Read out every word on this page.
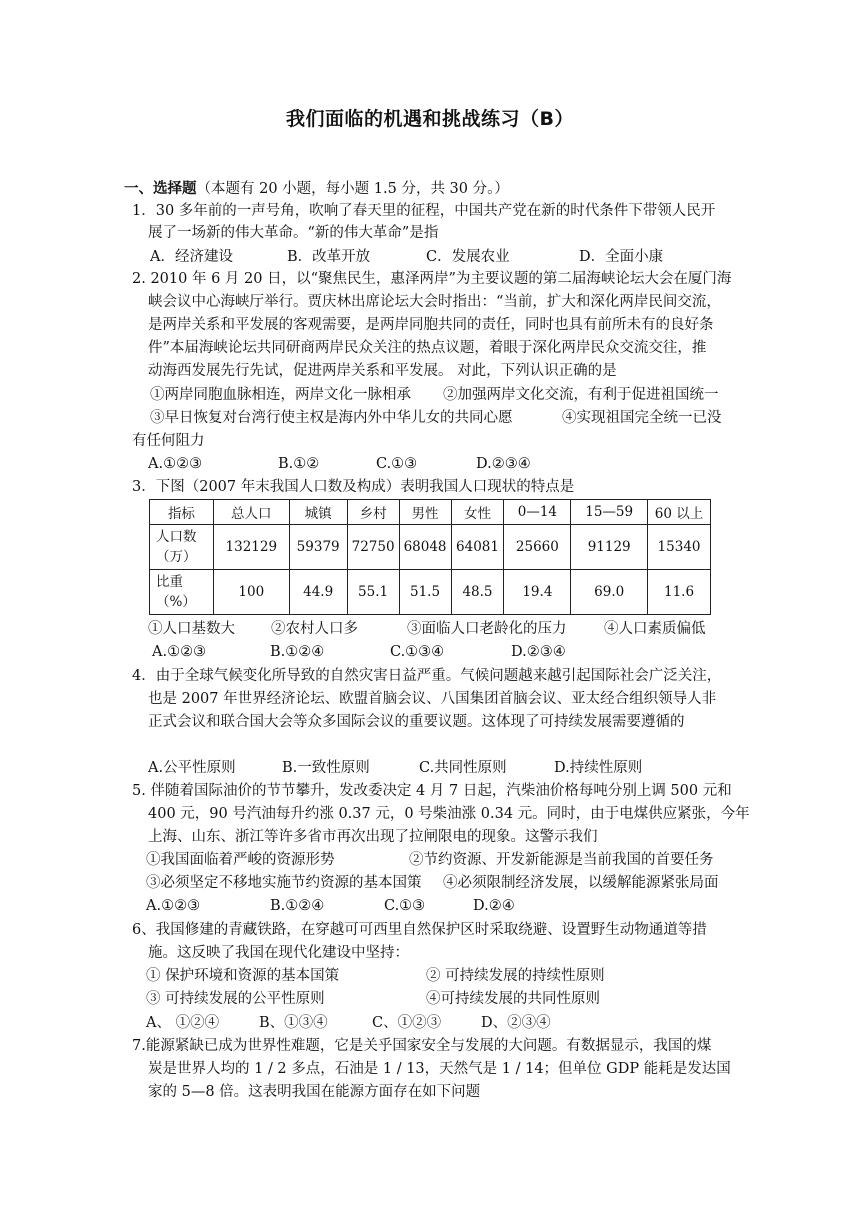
我们面临的机遇和挑战练习（B）
一、选择题（本题有 20 小题，每小题 1.5 分，共 30 分。）
1．30 多年前的一声号角，吹响了春天里的征程，中国共产党在新的时代条件下带领人民开
展了一场新的伟大革命。“新的伟大革命”是指
A．经济建设	B．改革开放	C．发展农业	D．全面小康
2. 2010 年 6 月 20 日，以“聚焦民生，惠泽两岸”为主要议题的第二届海峡论坛大会在厦门海
峡会议中心海峡厅举行。贾庆林出席论坛大会时指出：“当前，扩大和深化两岸民间交流，
是两岸关系和平发展的客观需要，是两岸同胞共同的责任，同时也具有前所未有的良好条
件”本届海峡论坛共同研商两岸民众关注的热点议题，着眼于深化两岸民众交流交往，推
动海西发展先行先试，促进两岸关系和平发展。 对此，下列认识正确的是
①两岸同胞血脉相连，两岸文化一脉相承 ②加强两岸文化交流，有利于促进祖国统一
③早日恢复对台湾行使主权是海内外中华儿女的共同心愿	④实现祖国完全统一已没
有任何阻力
A.①②③	B.①②	C.①③	D.②③④
3．下图（2007 年末我国人口数及构成）表明我国人口现状的特点是
指标	总人口	城镇	乡村	男性	女性	0—14	15—59	60 以上
人口数
（万）	132129	59379	72750	68048	64081	25660	91129	15340
比重
（%）	100	44.9	55.1	51.5	48.5	19.4	69.0	11.6
①人口基数大 ②农村人口多	③面临人口老龄化的压力	④人口素质偏低
A.①②③	B.①②④	C.①③④	D.②③④
4．由于全球气候变化所导致的自然灾害日益严重。气候问题越来越引起国际社会广泛关注，
也是 2007 年世界经济论坛、欧盟首脑会议、八国集团首脑会议、亚太经合组织领导人非
正式会议和联合国大会等众多国际会议的重要议题。这体现了可持续发展需要遵循的
A.公平性原则	B.一致性原则	C.共同性原则	D.持续性原则
5. 伴随着国际油价的节节攀升，发改委决定 4 月 7 日起，汽柴油价格每吨分别上调 500 元和
400 元，90 号汽油每升约涨 0.37 元，0 号柴油涨 0.34 元。同时，由于电煤供应紧张，今年
上海、山东、浙江等许多省市再次出现了拉闸限电的现象。这警示我们
①我国面临着严峻的资源形势	②节约资源、开发新能源是当前我国的首要任务
③必须坚定不移地实施节约资源的基本国策 ④必须限制经济发展，以缓解能源紧张局面
A.①②③	B.①②④	C.①③	D.②④
6、我国修建的青藏铁路，在穿越可可西里自然保护区时采取绕避、设置野生动物通道等措
施。这反映了我国在现代化建设中坚持：
① 保护环境和资源的基本国策	② 可持续发展的持续性原则
③ 可持续发展的公平性原则	④可持续发展的共同性原则
A、 ①②④	B、①③④	C、①②③	D、②③④
7.能源紧缺已成为世界性难题，它是关乎国家安全与发展的大问题。有数据显示，我国的煤
炭是世界人均的 1 / 2 多点，石油是 1 / 13，天然气是 1 / 14；但单位 GDP 能耗是发达国
家的 5—8 倍。这表明我国在能源方面存在如下问题
